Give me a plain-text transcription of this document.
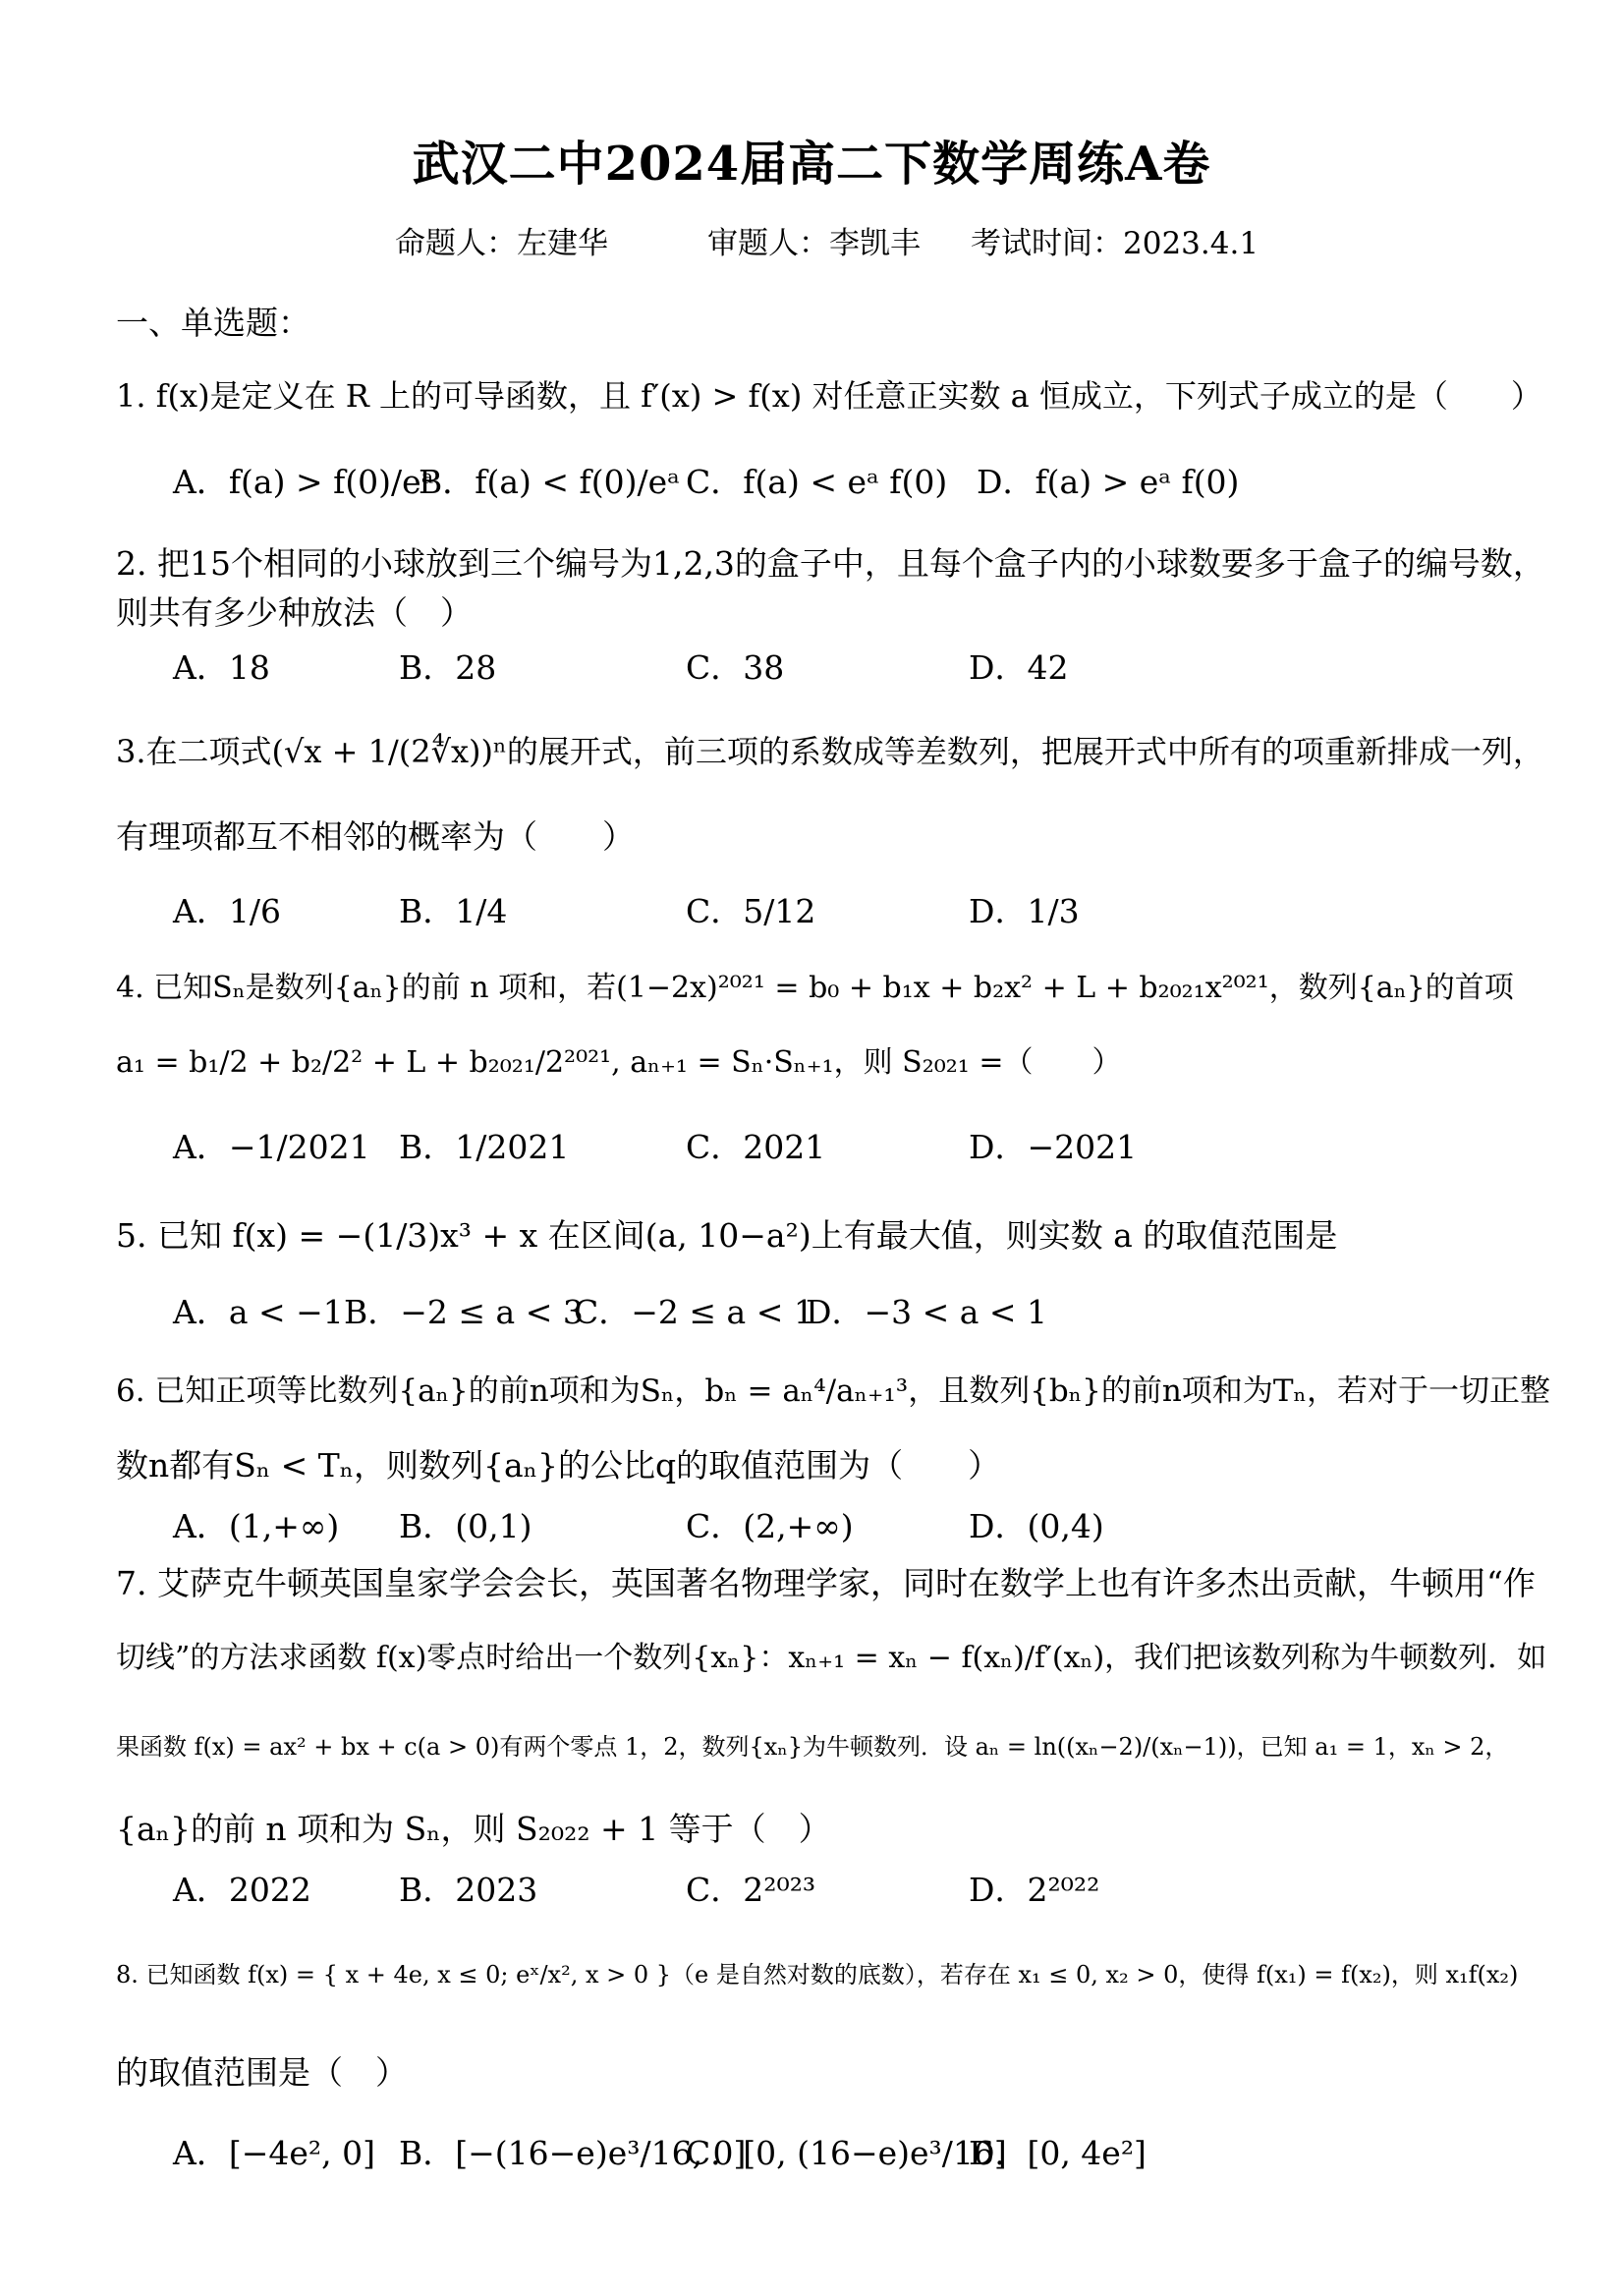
武汉二中2024届高二下数学周练A卷
命题人：左建华	审题人：李凯丰 考试时间：2023.4.1
一、单选题：
1. f(x)是定义在 R 上的可导函数，且 f′(x) > f(x) 对任意正实数 a 恒成立，下列式子成立的是（　　）
A．f(a) > f(0)/eᵃ
B．f(a) < f(0)/eᵃ C．f(a) < eᵃ f(0) D．f(a) > eᵃ f(0)
2. 把15个相同的小球放到三个编号为1,2,3的盒子中，且每个盒子内的小球数要多于盒子的编号数，
则共有多少种放法（　）
A．18	B．28	C．38	D．42
3.在二项式(√x + 1/(2∜x))ⁿ的展开式，前三项的系数成等差数列，把展开式中所有的项重新排成一列，
有理项都互不相邻的概率为（　　）
A．1/6	B．1/4	C．5/12	D．1/3
4. 已知Sₙ是数列{aₙ}的前 n 项和，若(1−2x)²⁰²¹ = b₀ + b₁x + b₂x² + L + b₂₀₂₁x²⁰²¹，数列{aₙ}的首项
a₁ = b₁/2 + b₂/2² + L + b₂₀₂₁/2²⁰²¹, aₙ₊₁ = Sₙ·Sₙ₊₁，则 S₂₀₂₁ =（　　）
A．−1/2021 B．1/2021	C．2021	D．−2021
5. 已知 f(x) = −(1/3)x³ + x 在区间(a, 10−a²)上有最大值，则实数 a 的取值范围是
A．a < −1 B．−2 ≤ a < 3
C．−2 ≤ a < 1
D．−3 < a < 1
6. 已知正项等比数列{aₙ}的前n项和为Sₙ，bₙ = aₙ⁴/aₙ₊₁³，且数列{bₙ}的前n项和为Tₙ，若对于一切正整
数n都有Sₙ < Tₙ，则数列{aₙ}的公比q的取值范围为（　　）
A．(1,+∞) B．(0,1)	C．(2,+∞)	D．(0,4)
7. 艾萨克牛顿英国皇家学会会长，英国著名物理学家，同时在数学上也有许多杰出贡献，牛顿用“作
切线”的方法求函数 f(x)零点时给出一个数列{xₙ}：xₙ₊₁ = xₙ − f(xₙ)/f′(xₙ)，我们把该数列称为牛顿数列．如
果函数 f(x) = ax² + bx + c(a > 0)有两个零点 1，2，数列{xₙ}为牛顿数列．设 aₙ = ln((xₙ−2)/(xₙ−1))，已知 a₁ = 1，xₙ > 2，
{aₙ}的前 n 项和为 Sₙ，则 S₂₀₂₂ + 1 等于（　）
A．2022	B．2023	C．2²⁰²³	D．2²⁰²²
8. 已知函数 f(x) = { x + 4e, x ≤ 0; eˣ/x², x > 0 }（e 是自然对数的底数），若存在 x₁ ≤ 0, x₂ > 0，使得 f(x₁) = f(x₂)，则 x₁f(x₂)
的取值范围是（　）
A．[−4e², 0] B．[−(16−e)e³/16, 0]
C．[0, (16−e)e³/16]
D．[0, 4e²]
